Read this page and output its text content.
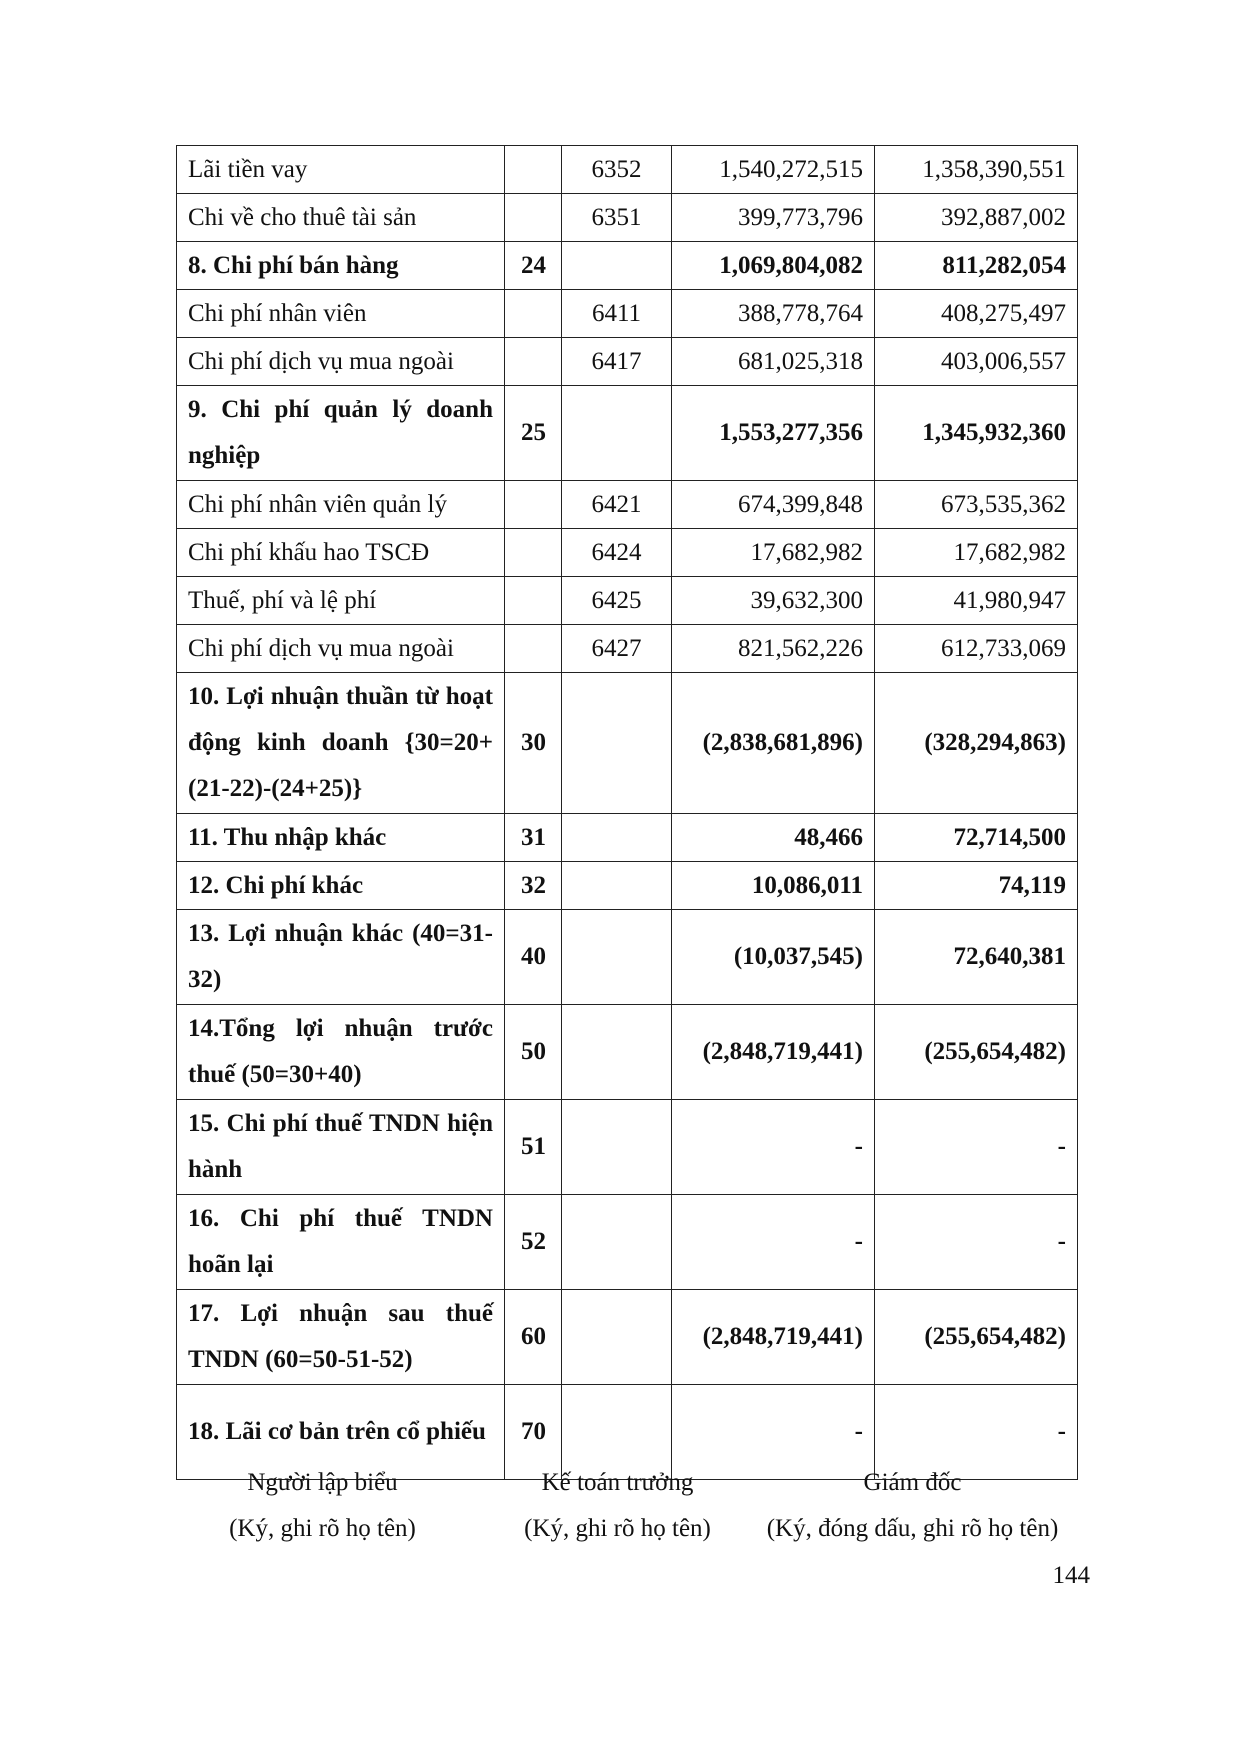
Lãi tiền vay		6352	1,540,272,515	1,358,390,551
Chi về cho thuê tài sản		6351	399,773,796	392,887,002
8. Chi phí bán hàng	24		1,069,804,082	811,282,054
Chi phí nhân viên		6411	388,778,764	408,275,497
Chi phí dịch vụ mua ngoài		6417	681,025,318	403,006,557
9. Chi phí quản lý doanh nghiệp	25		1,553,277,356	1,345,932,360
Chi phí nhân viên quản lý		6421	674,399,848	673,535,362
Chi phí khấu hao TSCĐ		6424	17,682,982	17,682,982
Thuế, phí và lệ phí		6425	39,632,300	41,980,947
Chi phí dịch vụ mua ngoài		6427	821,562,226	612,733,069
10. Lợi nhuận thuần từ hoạt động kinh doanh {30=20+(21-22)-(24+25)}	30		(2,838,681,896)	(328,294,863)
11. Thu nhập khác	31		48,466	72,714,500
12. Chi phí khác	32		10,086,011	74,119
13. Lợi nhuận khác (40=31-32)	40		(10,037,545)	72,640,381
14.Tổng lợi nhuận trước thuế (50=30+40)	50		(2,848,719,441)	(255,654,482)
15. Chi phí thuế TNDN hiện hành	51		-	-
16. Chi phí thuế TNDN hoãn lại	52		-	-
17. Lợi nhuận sau thuế TNDN (60=50-51-52)	60		(2,848,719,441)	(255,654,482)
18. Lãi cơ bản trên cổ phiếu	70		-	-
Người lập biểu
(Ký, ghi rõ họ tên)
Kế toán trưởng
(Ký, ghi rõ họ tên)
Giám đốc
(Ký, đóng dấu, ghi rõ họ tên)
144
